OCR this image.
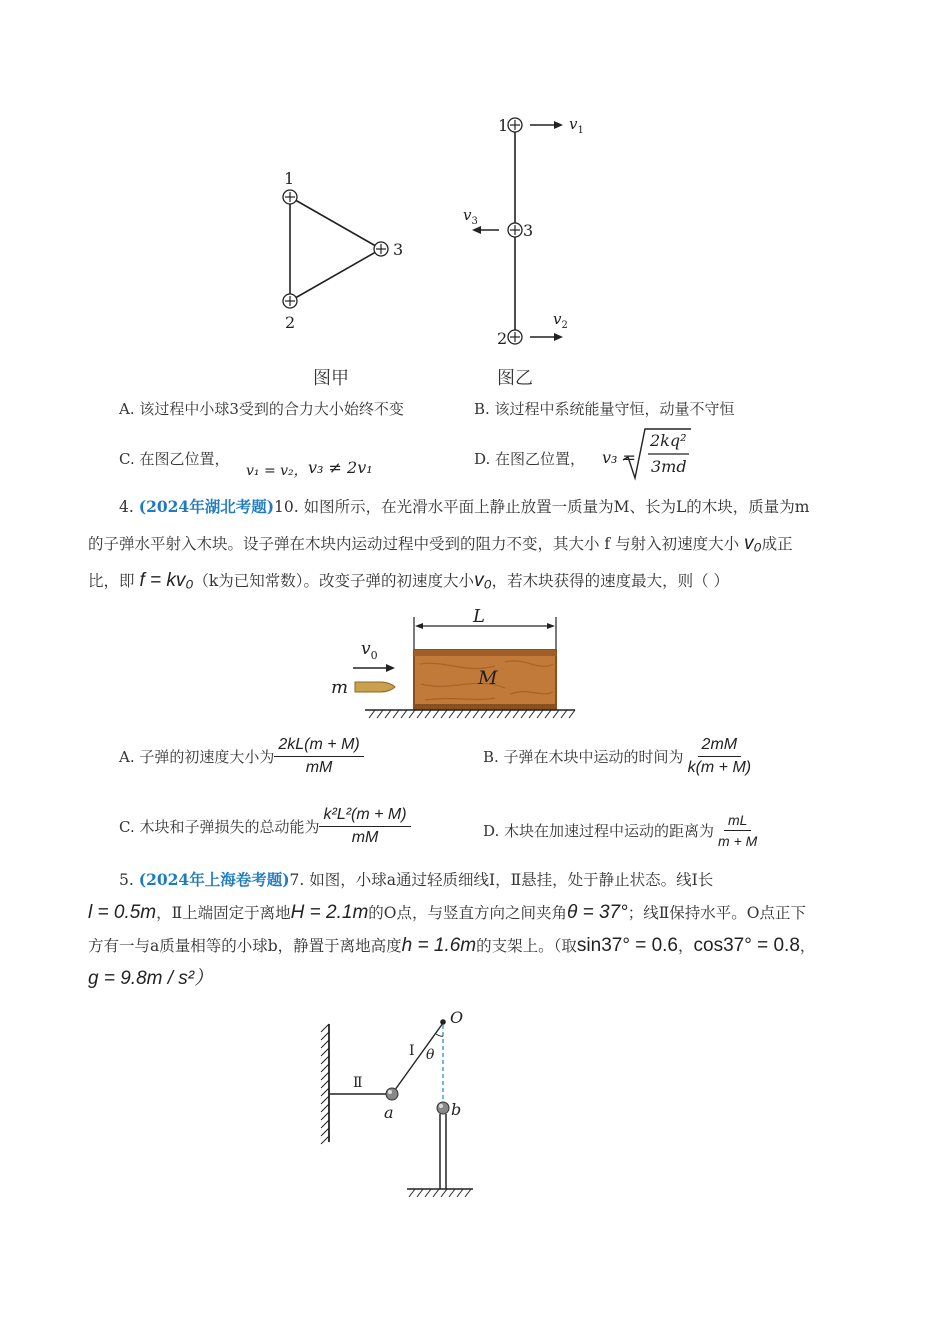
1
2
3
图甲
1
3
2
$v_1$
$v_3$
$v_2$
图乙
A. 该过程中小球3受到的合力大小始终不变	B. 该过程中系统能量守恒，动量不守恒
C. 在图乙位置，
v₁ = v₂， v₃ ≠ 2v₁	D. 在图乙位置， v₃ =
2kq²
3md
4. (2024年湖北考题)10. 如图所示，在光滑水平面上静止放置一质量为M、长为L的木块，质量为m
的子弹水平射入木块。设子弹在木块内运动过程中受到的阻力不变，其大小 f 与射入初速度大小 v₀成正
比，即 f = kv₀（k为已知常数）。改变子弹的初速度大小v₀，若木块获得的速度最大，则（ ）
L
M
$v_0$
m
A. 子弹的初速度大小为 $\frac{2kL(m + M)}{mM}$	B. 子弹在木块中运动的时间为 $\frac{2mM}{k(m + M)}$
C. 木块和子弹损失的总动能为 $\frac{\text{k²L²(m + M)}}{mM}$	D. 木块在加速过程中运动的距离为 $\frac{mL}{m + M}$
5. (2024年上海卷考题)7. 如图，小球a通过轻质细线Ⅰ，Ⅱ悬挂，处于静止状态。线Ⅰ长
l = 0.5m，Ⅱ上端固定于离地H = 2.1m的O点，与竖直方向之间夹角θ = 37°；线Ⅱ保持水平。O点正下
方有一与a质量相等的小球b，静置于离地高度h = 1.6m的支架上。（取sin37° = 0.6，cos37° = 0.8，
g = 9.8m / s²）
Ⅱ
Ⅰ θ
O
a	b
